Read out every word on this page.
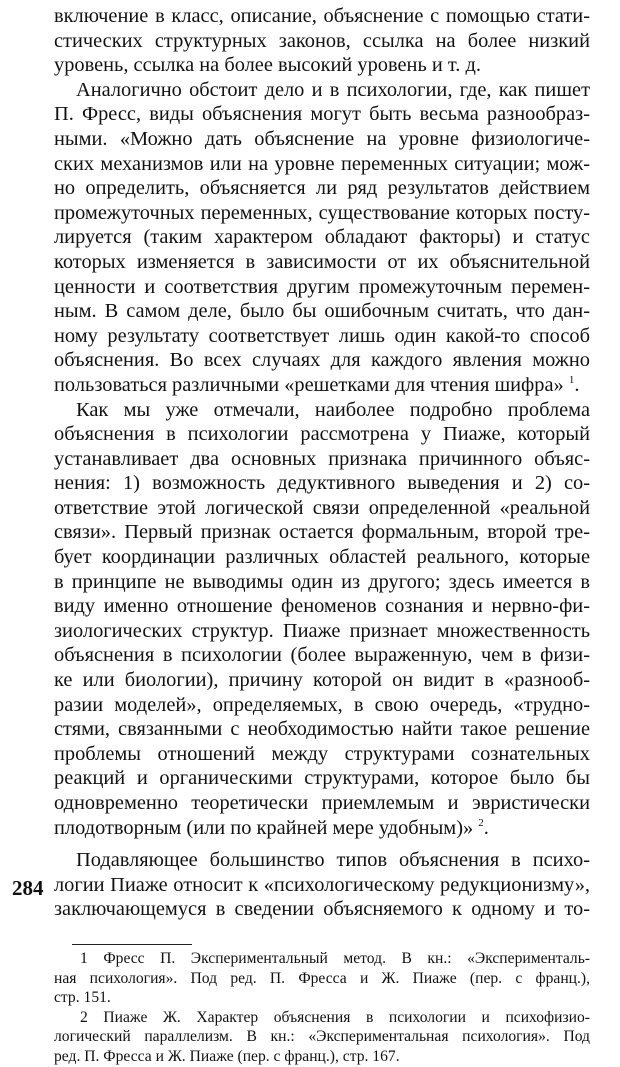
включение в класс, описание, объяснение с помощью стати-
стических структурных законов, ссылка на более низкий
уровень, ссылка на более высокий уровень и т. д.
Аналогично обстоит дело и в психологии, где, как пишет
П. Фресс, виды объяснения могут быть весьма разнообраз-
ными. «Можно дать объяснение на уровне физиологиче-
ских механизмов или на уровне переменных ситуации; мож-
но определить, объясняется ли ряд результатов действием
промежуточных переменных, существование которых посту-
лируется (таким характером обладают факторы) и статус
которых изменяется в зависимости от их объяснительной
ценности и соответствия другим промежуточным перемен-
ным. В самом деле, было бы ошибочным считать, что дан-
ному результату соответствует лишь один какой-то способ
объяснения. Во всех случаях для каждого явления можно
пользоваться различными «решетками для чтения шифра» $^1$.
Как мы уже отмечали, наиболее подробно проблема
объяснения в психологии рассмотрена у Пиаже, который
устанавливает два основных признака причинного объяс-
нения: 1) возможность дедуктивного выведения и 2) со-
ответствие этой логической связи определенной «реальной
связи». Первый признак остается формальным, второй тре-
бует координации различных областей реального, которые
в принципе не выводимы один из другого; здесь имеется в
виду именно отношение феноменов сознания и нервно-фи-
зиологических структур. Пиаже признает множественность
объяснения в психологии (более выраженную, чем в физи-
ке или биологии), причину которой он видит в «разнооб-
разии моделей», определяемых, в свою очередь, «трудно-
стями, связанными с необходимостью найти такое решение
проблемы отношений между структурами сознательных
реакций и органическими структурами, которое было бы
одновременно теоретически приемлемым и эвристически
плодотворным (или по крайней мере удобным)» $^2$.
Подавляющее большинство типов объяснения в психо-
логии Пиаже относит к «психологическому редукционизму»,
заключающемуся в сведении объясняемого к одному и то-
1 Фресс П. Экспериментальный метод. В кн.: «Эксперименталь-
ная психология». Под ред. П. Фресса и Ж. Пиаже (пер. с франц.),
стр. 151.
2 Пиаже Ж. Характер объяснения в психологии и психофизио-
логический параллелизм. В кн.: «Экспериментальная психология». Под
ред. П. Фресса и Ж. Пиаже (пер. с франц.), стр. 167.
284
